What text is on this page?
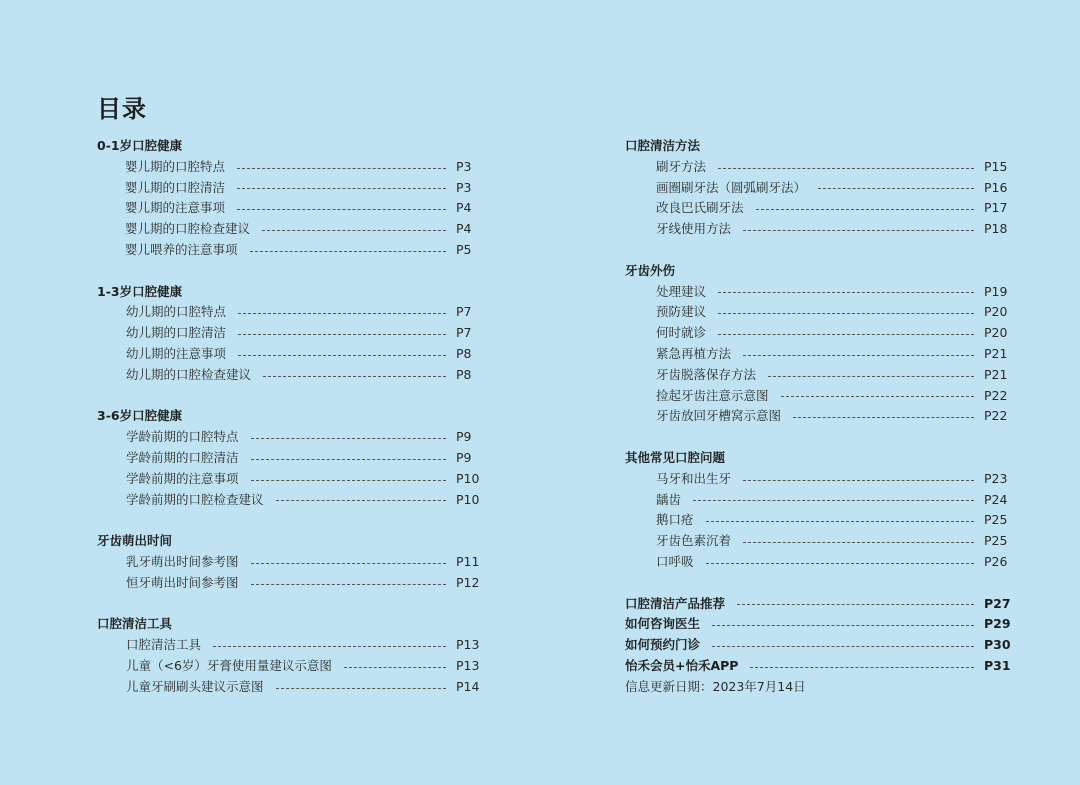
目录
0-1岁口腔健康
婴儿期的口腔特点	P3
婴儿期的口腔清洁	P3
婴儿期的注意事项	P4
婴儿期的口腔检查建议	P4
婴儿喂养的注意事项	P5
1-3岁口腔健康
幼儿期的口腔特点	P7
幼儿期的口腔清洁	P7
幼儿期的注意事项	P8
幼儿期的口腔检查建议	P8
3-6岁口腔健康
学龄前期的口腔特点	P9
学龄前期的口腔清洁	P9
学龄前期的注意事项	P10
学龄前期的口腔检查建议	P10
牙齿萌出时间
乳牙萌出时间参考图	P11
恒牙萌出时间参考图	P12
口腔清洁工具
口腔清洁工具	P13
儿童（<6岁）牙膏使用量建议示意图	P13
儿童牙刷刷头建议示意图	P14
口腔清洁方法
刷牙方法	P15
画圈刷牙法（圆弧刷牙法）	P16
改良巴氏刷牙法	P17
牙线使用方法	P18
牙齿外伤
处理建议	P19
预防建议	P20
何时就诊	P20
紧急再植方法	P21
牙齿脱落保存方法	P21
捡起牙齿注意示意图	P22
牙齿放回牙槽窝示意图	P22
其他常见口腔问题
马牙和出生牙	P23
龋齿	P24
鹅口疮	P25
牙齿色素沉着	P25
口呼吸	P26
口腔清洁产品推荐	P27
如何咨询医生	P29
如何预约门诊	P30
怡禾会员+怡禾APP	P31
信息更新日期：2023年7月14日
